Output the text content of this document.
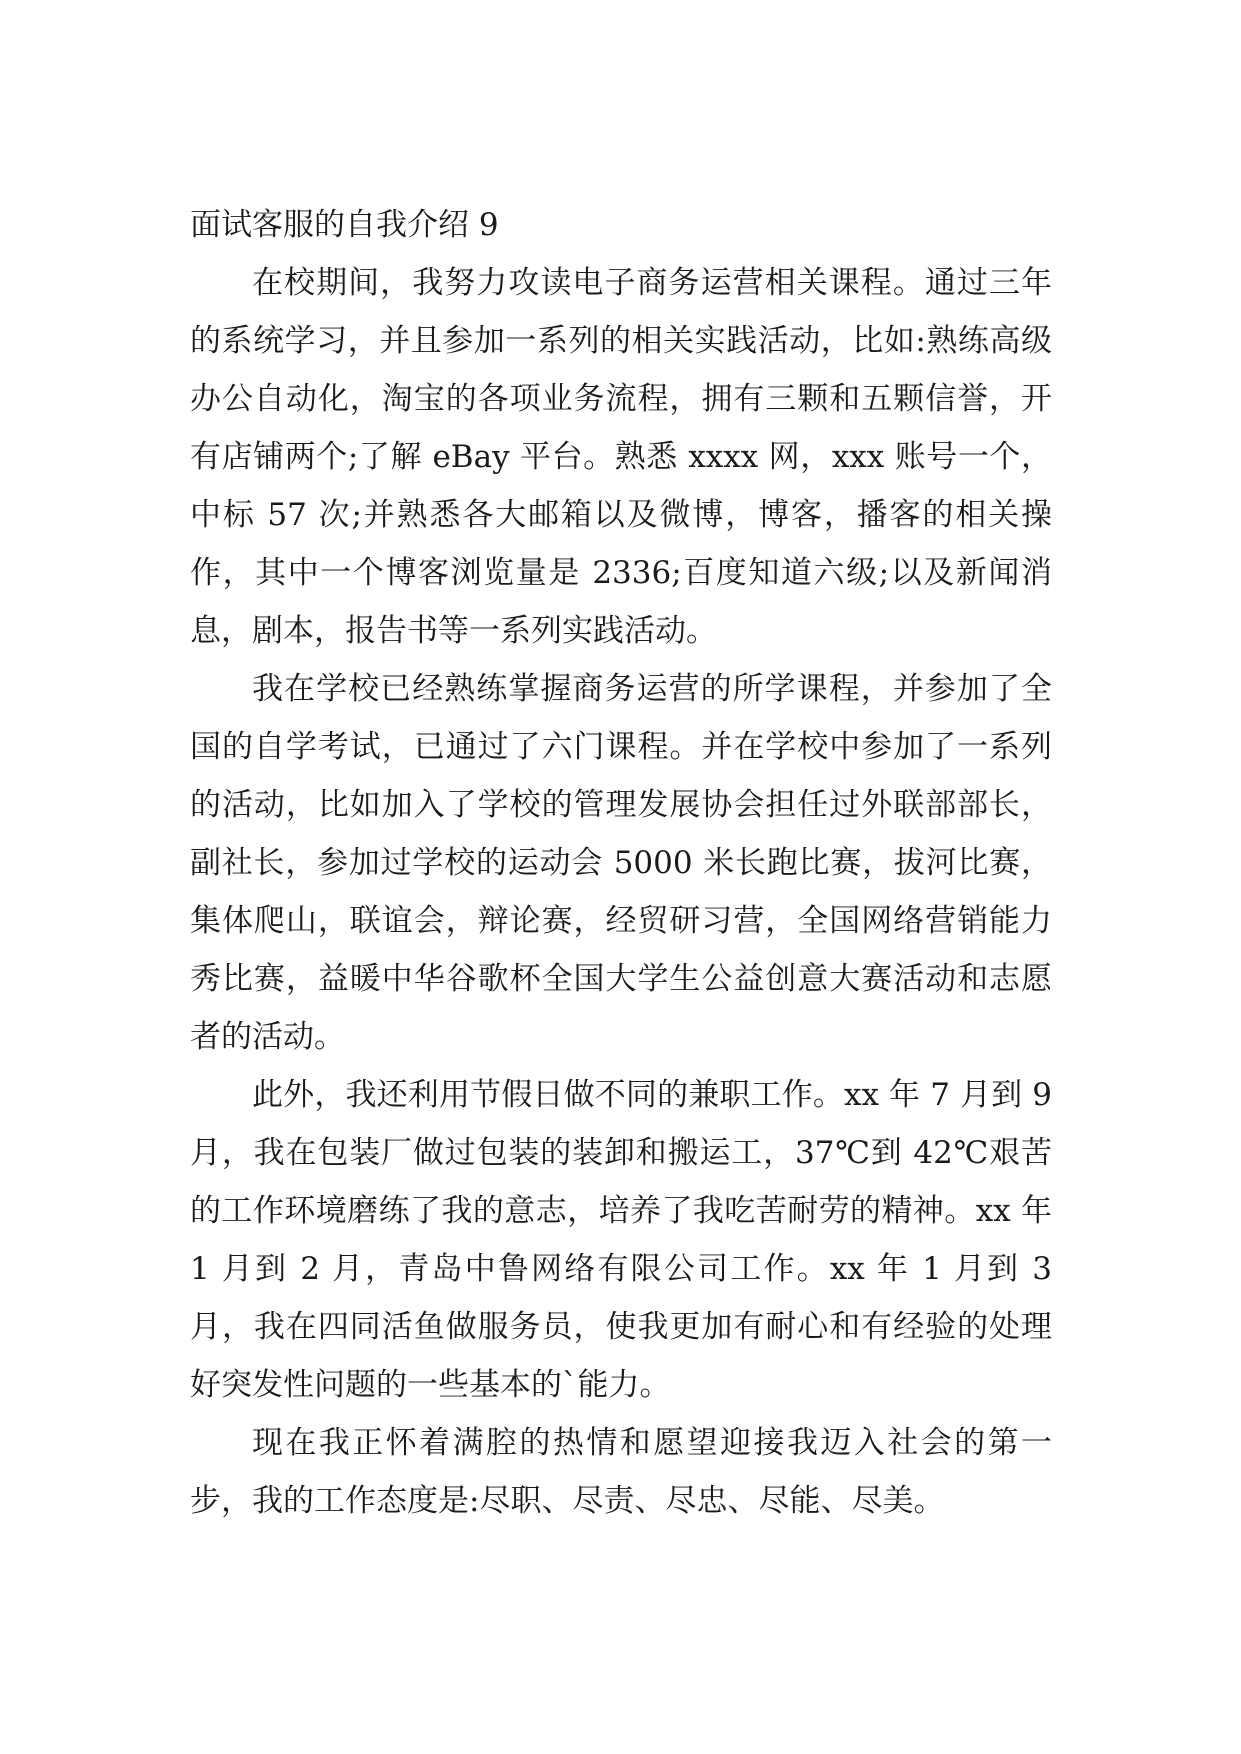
面试客服的自我介绍 9

在校期间，我努力攻读电子商务运营相关课程。通过三年的系统学习，并且参加一系列的相关实践活动，比如:熟练高级办公自动化，淘宝的各项业务流程，拥有三颗和五颗信誉，开有店铺两个;了解 eBay 平台。熟悉 xxxx 网，xxx 账号一个，中标 57 次;并熟悉各大邮箱以及微博，博客，播客的相关操作，其中一个博客浏览量是 2336;百度知道六级;以及新闻消息，剧本，报告书等一系列实践活动。

我在学校已经熟练掌握商务运营的所学课程，并参加了全国的自学考试，已通过了六门课程。并在学校中参加了一系列的活动，比如加入了学校的管理发展协会担任过外联部部长，副社长，参加过学校的运动会 5000 米长跑比赛，拔河比赛，集体爬山，联谊会，辩论赛，经贸研习营，全国网络营销能力秀比赛，益暖中华谷歌杯全国大学生公益创意大赛活动和志愿者的活动。

此外，我还利用节假日做不同的兼职工作。xx 年 7 月到 9 月，我在包装厂做过包装的装卸和搬运工，37℃到 42℃艰苦的工作环境磨练了我的意志，培养了我吃苦耐劳的精神。xx 年 1 月到 2 月，青岛中鲁网络有限公司工作。xx 年 1 月到 3 月，我在四同活鱼做服务员，使我更加有耐心和有经验的处理好突发性问题的一些基本的`能力。

现在我正怀着满腔的热情和愿望迎接我迈入社会的第一步，我的工作态度是:尽职、尽责、尽忠、尽能、尽美。
